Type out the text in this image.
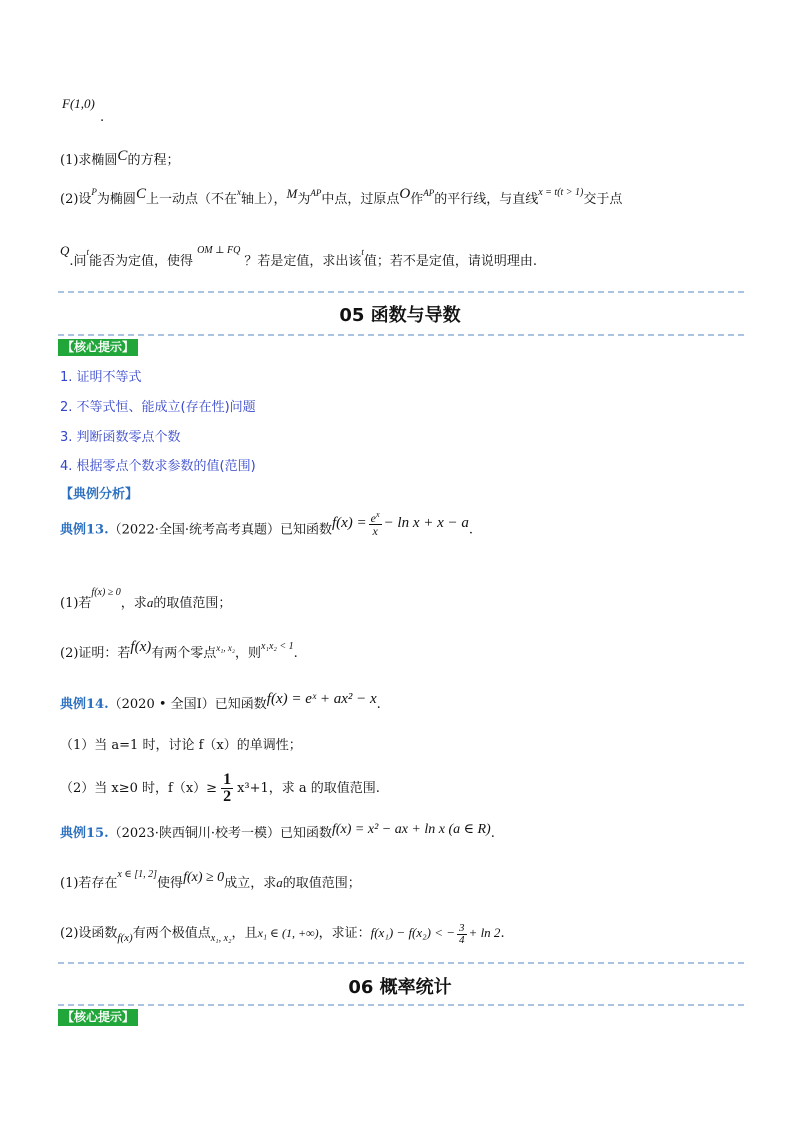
F(1,0)
.
(1)求椭圆C的方程；
(2)设$^P$为椭圆C上一动点（不在$^x$轴上），M为$^{AP}$中点，过原点O作$^{AP}$的平行线，与直线$^{x = t(t > 1)}$交于点
Q.问$^t$能否为定值，使得$^{OM \perp FQ}$？若是定值，求出该$^t$值；若不是定值，请说明理由.
05 函数与导数
【核心提示】
1. 证明不等式
2. 不等式恒、能成立(存在性)问题
3. 判断函数零点个数
4. 根据零点个数求参数的值(范围)
【典例分析】
典例13.（2022·全国·统考高考真题）已知函数$f(x) = \frac{e^x}{x} - \ln x + x - a$.
(1)若$^{f(x) \ge 0}$，求a的取值范围；
(2)证明：若f(x)有两个零点$^{x_1, x_2}$，则$^{x_1x_2 < 1}$.
典例14.（2020 • 全国Ⅰ）已知函数f(x) = eˣ + ax² − x.
（1）当 a=1 时，讨论 f（x）的单调性；
（2）当 x≥0 时，$f(x)\ge \frac{1}{2} x^3+1$，求 a 的取值范围.
典例15.（2023·陕西铜川·校考一模）已知函数f(x) = x² − ax + ln x (a ∈ R).
(1)若存在$^{x \in [1, 2]}$使得f(x) ≥ 0成立，求a的取值范围；
(2)设函数$_{f(x)}$有两个极值点$_{x_1, x_2}$，且x₁ ∈ (1, +∞)，求证：f(x₁) − f(x₂) < − $\frac{3}{4} + \ln 2$.
06 概率统计
【核心提示】
